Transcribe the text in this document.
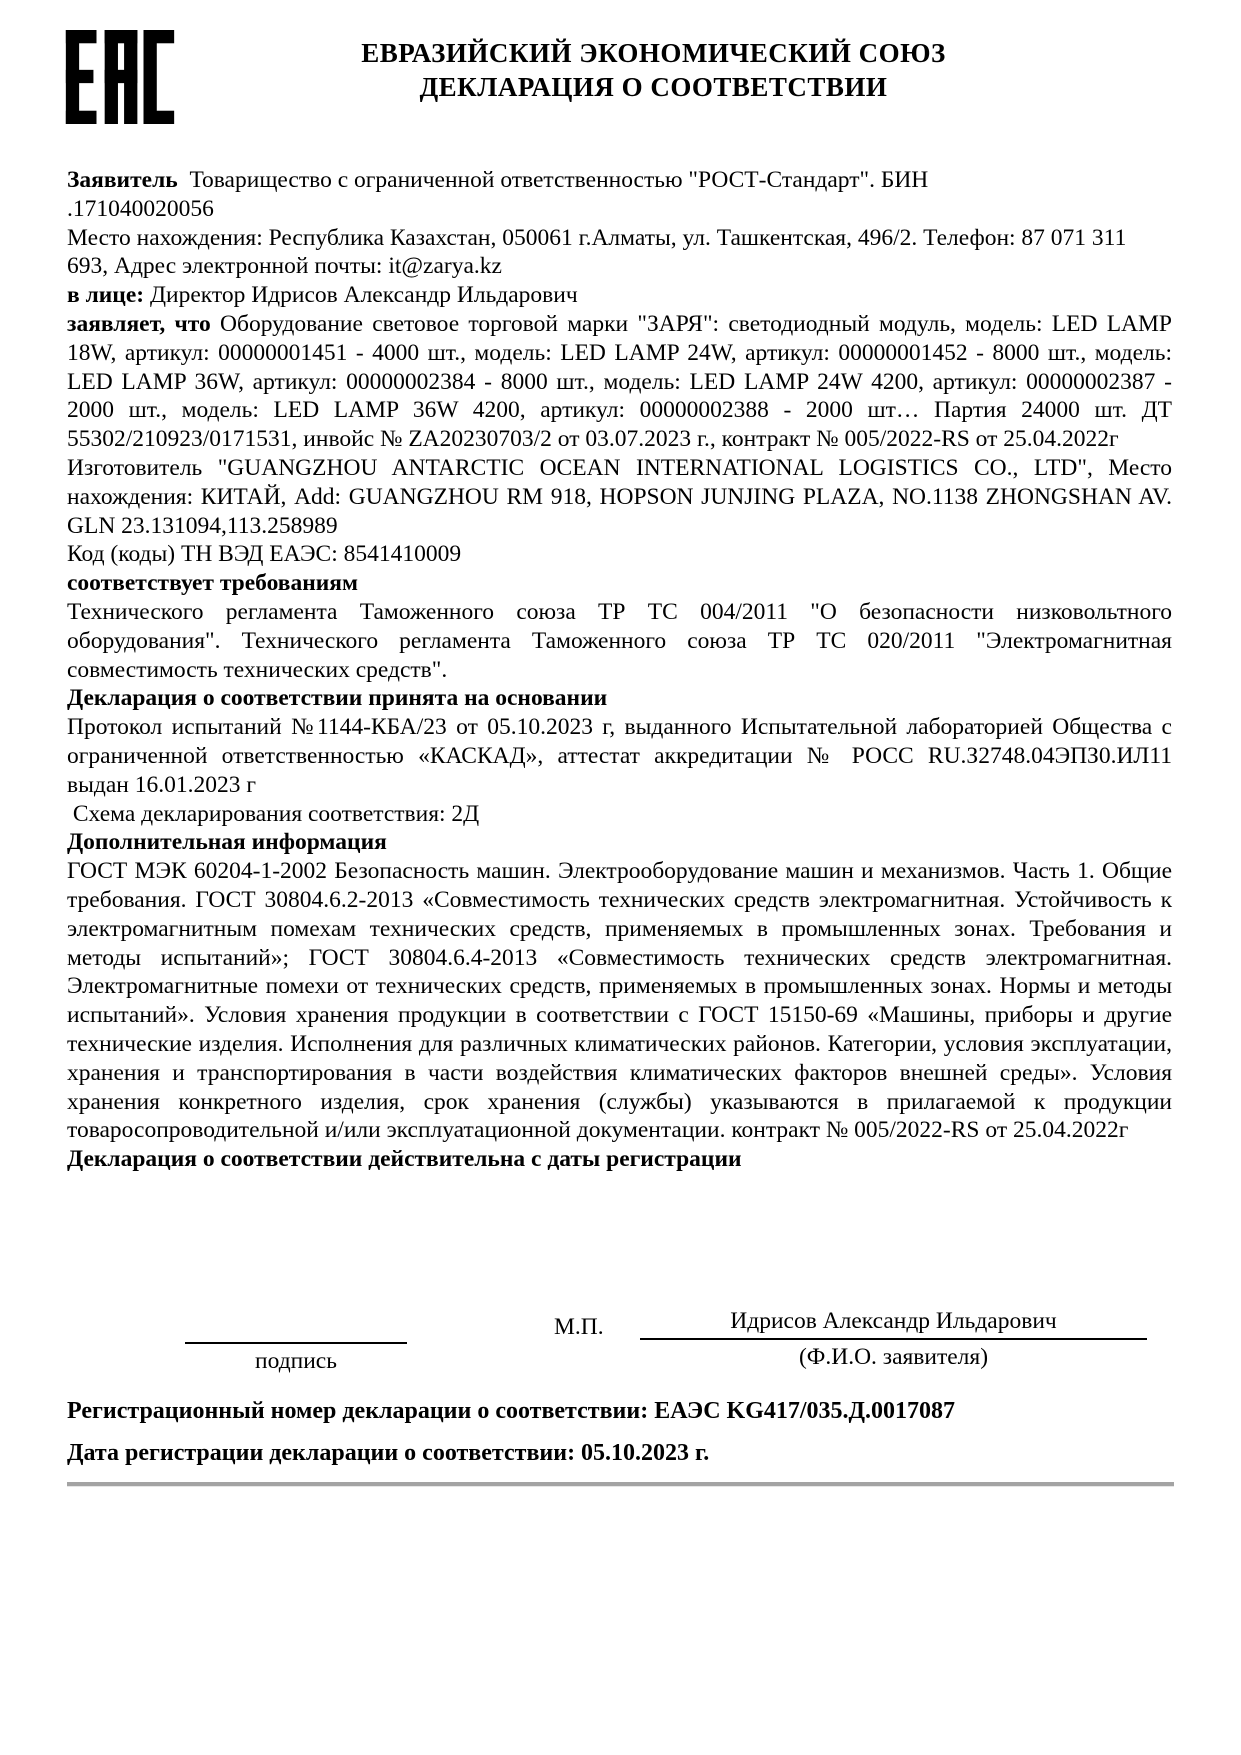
ЕВРАЗИЙСКИЙ ЭКОНОМИЧЕСКИЙ СОЮЗ
ДЕКЛАРАЦИЯ О СООТВЕТСТВИИ

Заявитель  Товарищество с ограниченной ответственностью "РОСТ-Стандарт". БИН

.171040020056

Место нахождения: Республика Казахстан, 050061 г.Алматы, ул. Ташкентская, 496/2. Телефон: 87 071 311 693, Адрес электронной почты: it@zarya.kz

в лице: Директор Идрисов Александр Ильдарович

заявляет, что Оборудование световое торговой марки "ЗАРЯ": светодиодный модуль, модель: LED LAMP 18W, артикул: 00000001451 - 4000 шт., модель: LED LAMP 24W, артикул: 00000001452 - 8000 шт., модель: LED LAMP 36W, артикул: 00000002384 - 8000 шт., модель: LED LAMP 24W 4200, артикул: 00000002387 - 2000 шт., модель: LED LAMP 36W 4200, артикул: 00000002388 - 2000 шт… Партия 24000 шт. ДТ 55302/210923/0171531, инвойс № ZA20230703/2 от 03.07.2023 г., контракт № 005/2022-RS от 25.04.2022г

Изготовитель "GUANGZHOU ANTARCTIC OCEAN INTERNATIONAL LOGISTICS CO., LTD", Место нахождения: КИТАЙ, Add: GUANGZHOU RM 918, HOPSON JUNJING PLAZA, NO.1138 ZHONGSHAN AV. GLN 23.131094,113.258989

Код (коды) ТН ВЭД ЕАЭС: 8541410009

соответствует требованиям

Технического регламента Таможенного союза ТР ТС 004/2011 "О безопасности низковольтного оборудования". Технического регламента Таможенного союза ТР ТС 020/2011 "Электромагнитная совместимость технических средств".

Декларация о соответствии принята на основании

Протокол испытаний №1144-КБА/23 от 05.10.2023 г, выданного Испытательной лабораторией Общества с ограниченной ответственностью «КАСКАД», аттестат аккредитации № РОСС RU.З2748.04ЭПЗ0.ИЛ11 выдан 16.01.2023 г

Схема декларирования соответствия: 2Д

Дополнительная информация

ГОСТ МЭК 60204-1-2002 Безопасность машин. Электрооборудование машин и механизмов. Часть 1. Общие требования. ГОСТ 30804.6.2-2013 «Совместимость технических средств электромагнитная. Устойчивость к электромагнитным помехам технических средств, применяемых в промышленных зонах. Требования и методы испытаний»; ГОСТ 30804.6.4-2013 «Совместимость технических средств электромагнитная. Электромагнитные помехи от технических средств, применяемых в промышленных зонах. Нормы и методы испытаний». Условия хранения продукции в соответствии с ГОСТ 15150-69 «Машины, приборы и другие технические изделия. Исполнения для различных климатических районов. Категории, условия эксплуатации, хранения и транспортирования в части воздействия климатических факторов внешней среды». Условия хранения конкретного изделия, срок хранения (службы) указываются в прилагаемой к продукции товаросопроводительной и/или эксплуатационной документации. контракт № 005/2022-RS от 25.04.2022г

Декларация о соответствии действительна с даты регистрации

М.П.
подпись
Идрисов Александр Ильдарович
(Ф.И.О. заявителя)

Регистрационный номер декларации о соответствии: ЕАЭС KG417/035.Д.0017087

Дата регистрации декларации о соответствии: 05.10.2023 г.
